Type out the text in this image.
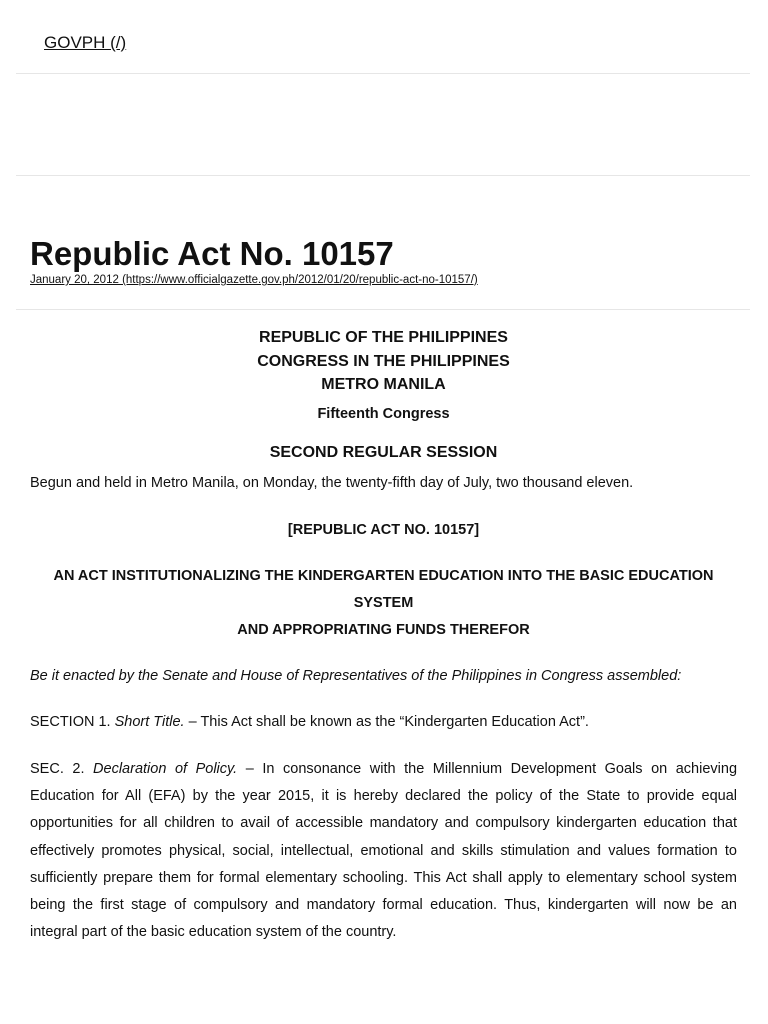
GOVPH (/)
Republic Act No. 10157
January 20, 2012 (https://www.officialgazette.gov.ph/2012/01/20/republic-act-no-10157/)

REPUBLIC OF THE PHILIPPINES

CONGRESS IN THE PHILIPPINES

METRO MANILA

Fifteenth Congress

SECOND REGULAR SESSION

Begun and held in Metro Manila, on Monday, the twenty-fifth day of July, two thousand eleven.

[REPUBLIC ACT NO. 10157]

AN ACT INSTITUTIONALIZING THE KINDERGARTEN EDUCATION INTO THE BASIC EDUCATION SYSTEM
AND APPROPRIATING FUNDS THEREFOR

Be it enacted by the Senate and House of Representatives of the Philippines in Congress assembled:

SECTION 1. Short Title. – This Act shall be known as the “Kindergarten Education Act”.

SEC. 2. Declaration of Policy. – In consonance with the Millennium Development Goals on achieving Education for All (EFA) by the year 2015, it is hereby declared the policy of the State to provide equal opportunities for all children to avail of accessible mandatory and compulsory kindergarten education that effectively promotes physical, social, intellectual, emotional and skills stimulation and values formation to sufficiently prepare them for formal elementary schooling. This Act shall apply to elementary school system being the first stage of compulsory and mandatory formal education. Thus, kindergarten will now be an integral part of the basic education system of the country.
